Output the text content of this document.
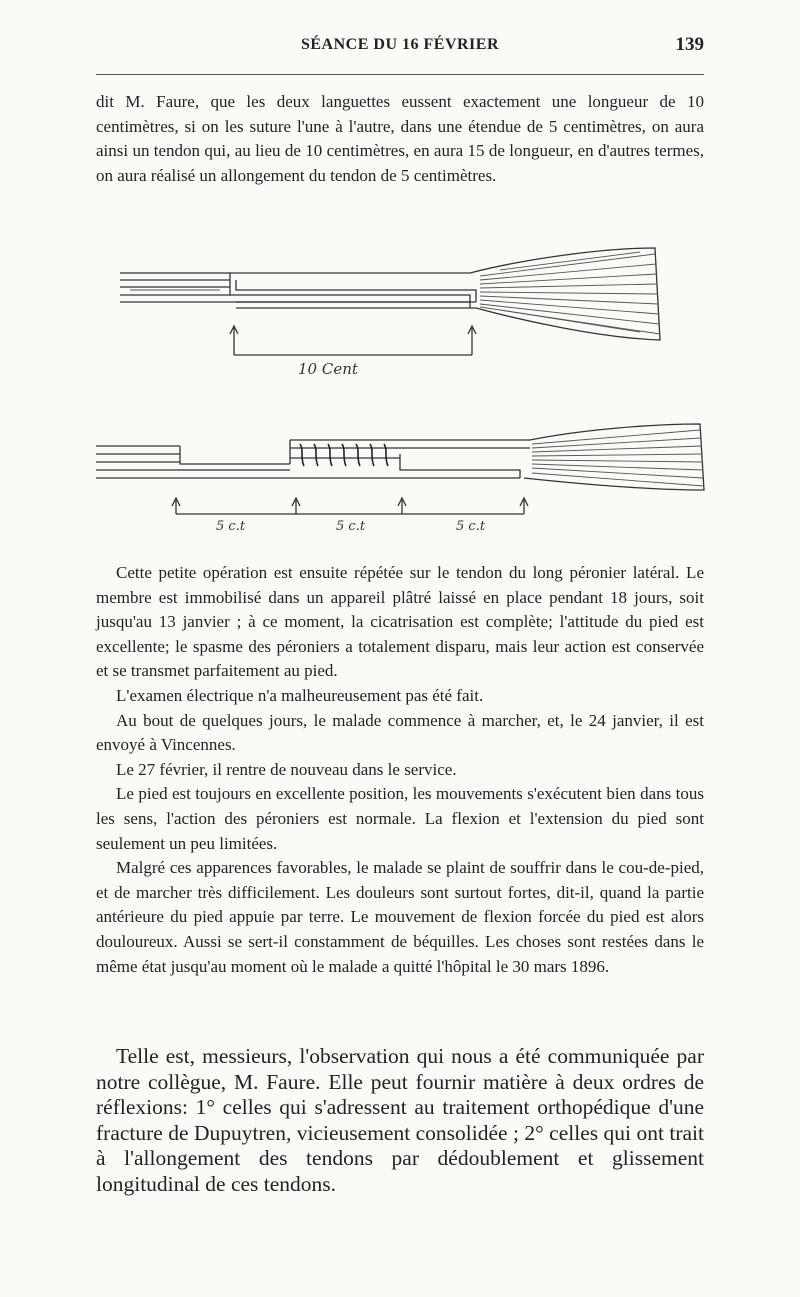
SÉANCE DU 16 FÉVRIER	139

dit M. Faure, que les deux languettes eussent exactement une longueur de 10 centimètres, si on les suture l'une à l'autre, dans une étendue de 5 centimètres, on aura ainsi un tendon qui, au lieu de 10 centimètres, en aura 15 de longueur, en d'autres termes, on aura réalisé un allongement du tendon de 5 centimètres.

10 Cent
5 c.t	5 c.t	5 c.t

Cette petite opération est ensuite répétée sur le tendon du long péronier latéral. Le membre est immobilisé dans un appareil plâtré laissé en place pendant 18 jours, soit jusqu'au 13 janvier ; à ce moment, la cicatrisation est complète; l'attitude du pied est excellente; le spasme des péroniers a totalement disparu, mais leur action est conservée et se transmet parfaitement au pied.

L'examen électrique n'a malheureusement pas été fait.

Au bout de quelques jours, le malade commence à marcher, et, le 24 janvier, il est envoyé à Vincennes.

Le 27 février, il rentre de nouveau dans le service.

Le pied est toujours en excellente position, les mouvements s'exécutent bien dans tous les sens, l'action des péroniers est normale. La flexion et l'extension du pied sont seulement un peu limitées.

Malgré ces apparences favorables, le malade se plaint de souffrir dans le cou-de-pied, et de marcher très difficilement. Les douleurs sont surtout fortes, dit-il, quand la partie antérieure du pied appuie par terre. Le mouvement de flexion forcée du pied est alors douloureux. Aussi se sert-il constamment de béquilles. Les choses sont restées dans le même état jusqu'au moment où le malade a quitté l'hôpital le 30 mars 1896.

Telle est, messieurs, l'observation qui nous a été communiquée par notre collègue, M. Faure. Elle peut fournir matière à deux ordres de réflexions: 1° celles qui s'adressent au traitement orthopédique d'une fracture de Dupuytren, vicieusement consolidée ; 2° celles qui ont trait à l'allongement des tendons par dédoublement et glissement longitudinal de ces tendons.
